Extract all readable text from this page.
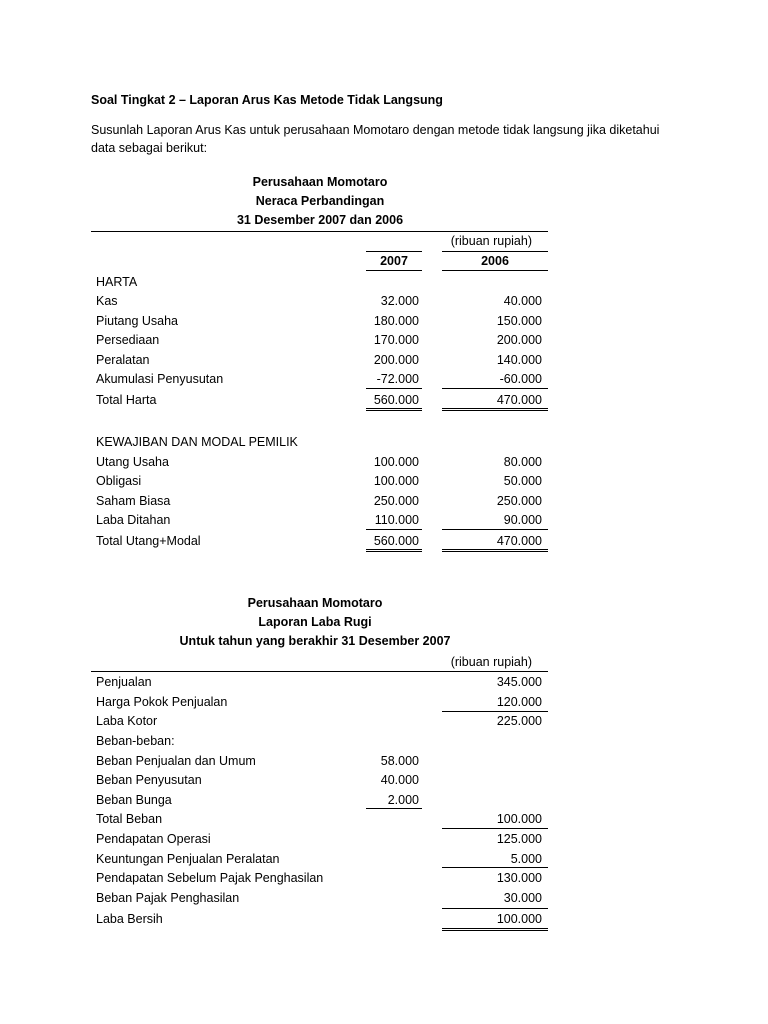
Soal Tingkat 2 – Laporan Arus Kas Metode Tidak Langsung
Susunlah Laporan Arus Kas untuk perusahaan Momotaro dengan metode tidak langsung jika diketahui
data sebagai berikut:
Perusahaan Momotaro
Neraca Perbandingan
31 Desember 2007 dan 2006
(ribuan rupiah)
2007	2006
HARTA
Kas	32.000	40.000
Piutang Usaha	180.000	150.000
Persediaan	170.000	200.000
Peralatan	200.000	140.000
Akumulasi Penyusutan	-72.000	-60.000
Total Harta	560.000	470.000
KEWAJIBAN DAN MODAL PEMILIK
Utang Usaha	100.000	80.000
Obligasi	100.000	50.000
Saham Biasa	250.000	250.000
Laba Ditahan	110.000	90.000
Total Utang+Modal	560.000	470.000
Perusahaan Momotaro
Laporan Laba Rugi
Untuk tahun yang berakhir 31 Desember 2007
(ribuan rupiah)
Penjualan	345.000
Harga Pokok Penjualan	120.000
Laba Kotor	225.000
Beban-beban:
Beban Penjualan dan Umum	58.000
Beban Penyusutan	40.000
Beban Bunga	2.000
Total Beban	100.000
Pendapatan Operasi	125.000
Keuntungan Penjualan Peralatan	5.000
Pendapatan Sebelum Pajak Penghasilan	130.000
Beban Pajak Penghasilan	30.000
Laba Bersih	100.000
